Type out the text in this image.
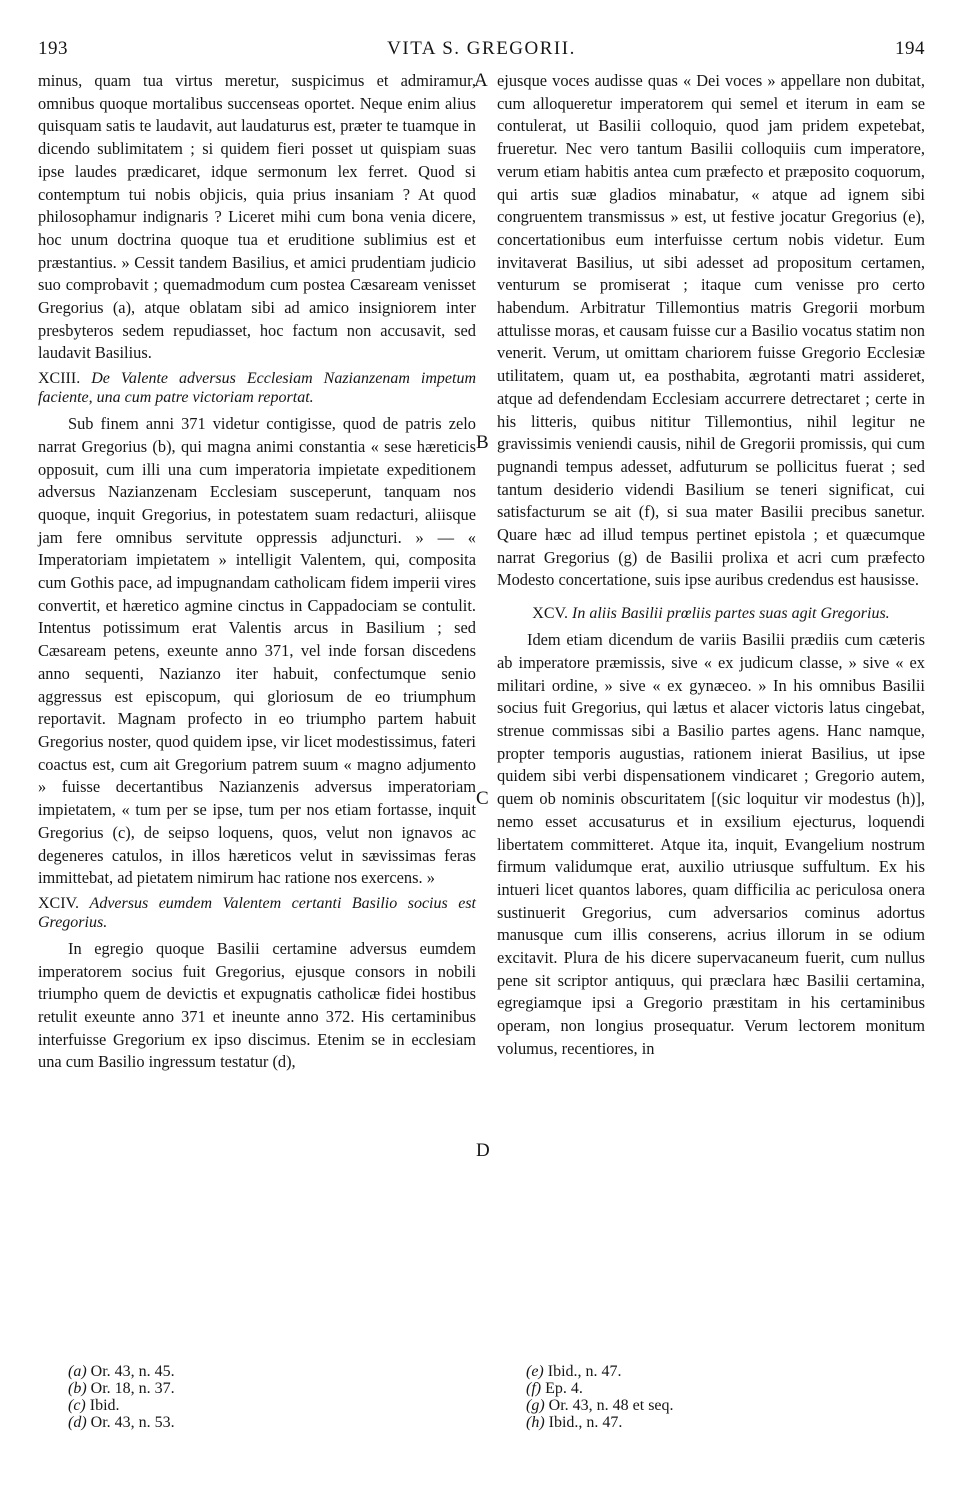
193	VITA S. GREGORII.	194

minus, quam tua virtus meretur, suspicimus et admiramur, omnibus quoque mortalibus succenseas oportet. Neque enim alius quisquam satis te laudavit, aut laudaturus est, præter te tuamque in dicendo sublimitatem ; si quidem fieri posset ut quispiam suas ipse laudes prædicaret, idque sermonum lex ferret. Quod si contemptum tui nobis objicis, quia prius insaniam ? At quod philosophamur indignaris ? Liceret mihi cum bona venia dicere, hoc unum doctrina quoque tua et eruditione sublimius est et præstantius. » Cessit tandem Basilius, et amici prudentiam judicio suo comprobavit ; quemadmodum cum postea Cæsaream venisset Gregorius (a), atque oblatam sibi ad amico insigniorem inter presbyteros sedem repudiasset, hoc factum non accusavit, sed laudavit Basilius.

XCIII. De Valente adversus Ecclesiam Nazianzenam impetum faciente, una cum patre victoriam reportat.

Sub finem anni 371 videtur contigisse, quod de patris zelo narrat Gregorius (b), qui magna animi constantia « sese hæreticis opposuit, cum illi una cum imperatoria impietate expeditionem adversus Nazianzenam Ecclesiam susceperunt, tanquam nos quoque, inquit Gregorius, in potestatem suam redacturi, aliisque jam fere omnibus servitute oppressis adjuncturi. » — « Imperatoriam impietatem » intelligit Valentem, qui, composita cum Gothis pace, ad impugnandam catholicam fidem imperii vires convertit, et hæretico agmine cinctus in Cappadociam se contulit. Intentus potissimum erat Valentis arcus in Basilium ; sed Cæsaream petens, exeunte anno 371, vel inde forsan discedens anno sequenti, Nazianzo iter habuit, confectumque senio aggressus est episcopum, qui gloriosum de eo triumphum reportavit. Magnam profecto in eo triumpho partem habuit Gregorius noster, quod quidem ipse, vir licet modestissimus, fateri coactus est, cum ait Gregorium patrem suum « magno adjumento » fuisse decertantibus Nazianzenis adversus imperatoriam impietatem, « tum per se ipse, tum per nos etiam fortasse, inquit Gregorius (c), de seipso loquens, quos, velut non ignavos ac degeneres catulos, in illos hæreticos velut in sævissimas feras immittebat, ad pietatem nimirum hac ratione nos exercens. »

XCIV. Adversus eumdem Valentem certanti Basilio socius est Gregorius.

In egregio quoque Basilii certamine adversus eumdem imperatorem socius fuit Gregorius, ejusque consors in nobili triumpho quem de devictis et expugnatis catholicæ fidei hostibus retulit exeunte anno 371 et ineunte anno 372. His certaminibus interfuisse Gregorium ex ipso discimus. Etenim se in ecclesiam una cum Basilio ingressum testatur (d),

A
B
C
D

ejusque voces audisse quas « Dei voces » appellare non dubitat, cum alloqueretur imperatorem qui semel et iterum in eam se contulerat, ut Basilii colloquio, quod jam pridem expetebat, frueretur. Nec vero tantum Basilii colloquiis cum imperatore, verum etiam habitis antea cum præfecto et præposito coquorum, qui artis suæ gladios minabatur, « atque ad ignem sibi congruentem transmissus » est, ut festive jocatur Gregorius (e), concertationibus eum interfuisse certum nobis videtur. Eum invitaverat Basilius, ut sibi adesset ad propositum certamen, venturum se promiserat ; itaque cum venisse pro certo habendum. Arbitratur Tillemontius matris Gregorii morbum attulisse moras, et causam fuisse cur a Basilio vocatus statim non venerit. Verum, ut omittam chariorem fuisse Gregorio Ecclesiæ utilitatem, quam ut, ea posthabita, ægrotanti matri assideret, atque ad defendendam Ecclesiam accurrere detrectaret ; certe in his litteris, quibus nititur Tillemontius, nihil legitur ne gravissimis veniendi causis, nihil de Gregorii promissis, qui cum pugnandi tempus adesset, adfuturum se pollicitus fuerat ; sed tantum desiderio videndi Basilium se teneri significat, cui satisfacturum se ait (f), si sua mater Basilii precibus sanetur. Quare hæc ad illud tempus pertinet epistola ; et quæcumque narrat Gregorius (g) de Basilii prolixa et acri cum præfecto Modesto concertatione, suis ipse auribus credendus est hausisse.

XCV. In aliis Basilii prœliis partes suas agit Gregorius.

Idem etiam dicendum de variis Basilii prædiis cum cæteris ab imperatore præmissis, sive « ex judicum classe, » sive « ex militari ordine, » sive « ex gynæceo. » In his omnibus Basilii socius fuit Gregorius, qui lætus et alacer victoris latus cingebat, strenue commissas sibi a Basilio partes agens. Hanc namque, propter temporis augustias, rationem inierat Basilius, ut ipse quidem sibi verbi dispensationem vindicaret ; Gregorio autem, quem ob nominis obscuritatem [(sic loquitur vir modestus (h)], nemo esset accusaturus et in exsilium ejecturus, loquendi libertatem committeret. Atque ita, inquit, Evangelium nostrum firmum validumque erat, auxilio utriusque suffultum. Ex his intueri licet quantos labores, quam difficilia ac periculosa onera sustinuerit Gregorius, cum adversarios cominus adortus manusque cum illis conserens, acrius illorum in se odium excitavit. Plura de his dicere supervacaneum fuerit, cum nullus pene sit scriptor antiquus, qui præclara hæc Basilii certamina, egregiamque ipsi a Gregorio præstitam in his certaminibus operam, non longius prosequatur. Verum lectorem monitum volumus, recentiores, in

(a) Or. 43, n. 45.
(b) Or. 18, n. 37.
(c) Ibid.
(d) Or. 43, n. 53.
(e) Ibid., n. 47.
(f) Ep. 4.
(g) Or. 43, n. 48 et seq.
(h) Ibid., n. 47.
